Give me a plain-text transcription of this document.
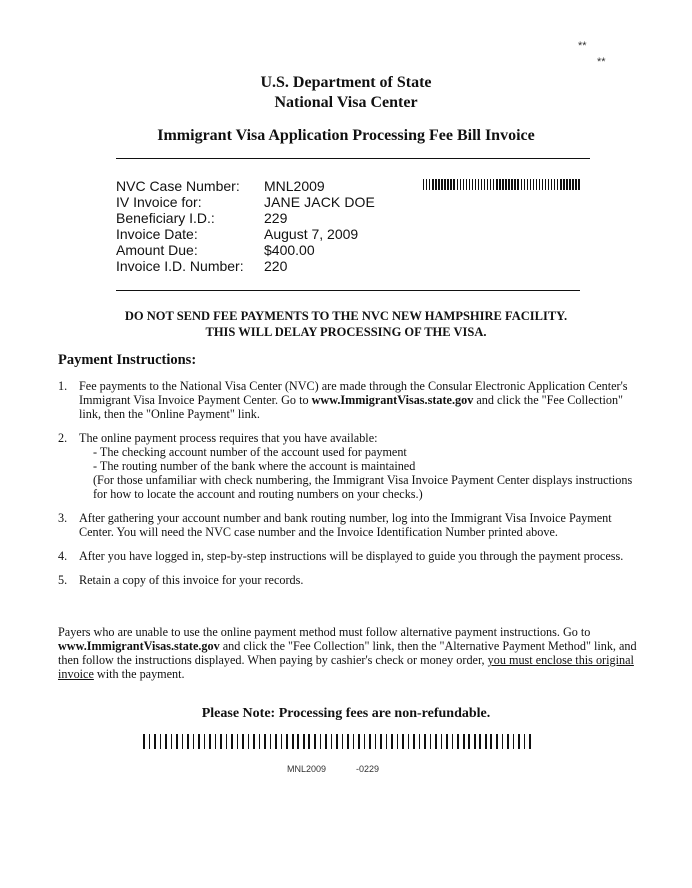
**
**
U.S. Department of State
National Visa Center
Immigrant Visa Application Processing Fee Bill Invoice
NVC Case Number:	MNL2009
IV Invoice for:	JANE JACK DOE
Beneficiary I.D.:	229
Invoice Date:	August 7, 2009
Amount Due:	$400.00
Invoice I.D. Number:	220
DO NOT SEND FEE PAYMENTS TO THE NVC NEW HAMPSHIRE FACILITY.
THIS WILL DELAY PROCESSING OF THE VISA.
Payment Instructions:
1. Fee payments to the National Visa Center (NVC) are made through the Consular Electronic Application Center's Immigrant Visa Invoice Payment Center. Go to www.ImmigrantVisas.state.gov and click the "Fee Collection" link, then the "Online Payment" link.
2. The online payment process requires that you have available:
- The checking account number of the account used for payment
- The routing number of the bank where the account is maintained
(For those unfamiliar with check numbering, the Immigrant Visa Invoice Payment Center displays instructions for how to locate the account and routing numbers on your checks.)
3. After gathering your account number and bank routing number, log into the Immigrant Visa Invoice Payment Center. You will need the NVC case number and the Invoice Identification Number printed above.
4. After you have logged in, step-by-step instructions will be displayed to guide you through the payment process.
5. Retain a copy of this invoice for your records.
Payers who are unable to use the online payment method must follow alternative payment instructions. Go to www.ImmigrantVisas.state.gov and click the "Fee Collection" link, then the "Alternative Payment Method" link, and then follow the instructions displayed. When paying by cashier's check or money order, you must enclose this original invoice with the payment.
Please Note: Processing fees are non-refundable.
MNL2009	-0229
